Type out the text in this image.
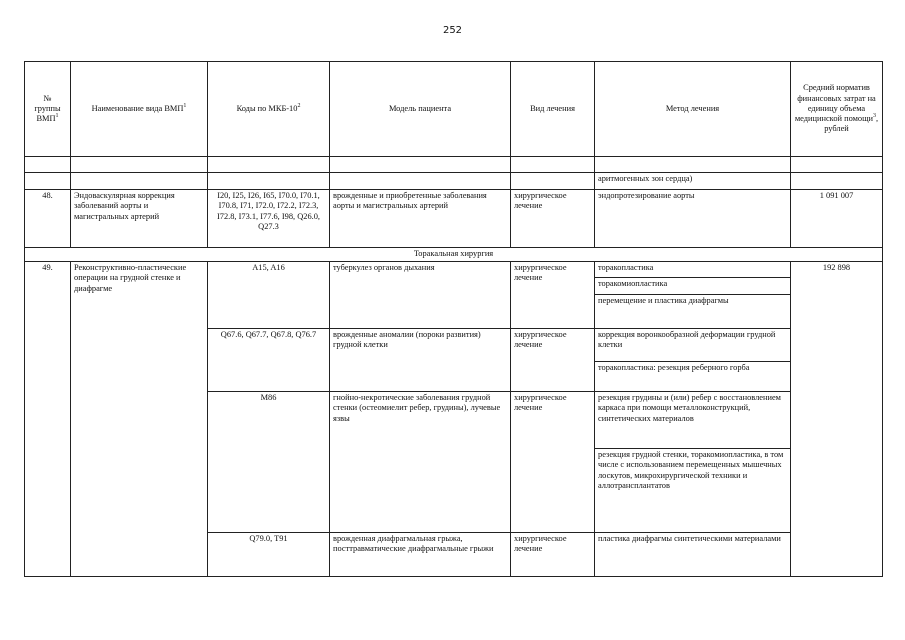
252
№
группы
ВМП$^1$	Наименование вида ВМП$^1$	Коды по МКБ-$10^2$	Модель пациента	Вид лечения	Метод лечения	Средний норматив финансовых затрат на единицу объема медицинской помощи$^3$, рублей

					аритмогенных зон сердца)	
48.	Эндоваскулярная коррекция заболеваний аорты и магистральных артерий	I20, I25, I26, I65, I70.0, I70.1, I70.8, I71, I72.0, I72.2, I72.3, I72.8, I73.1, I77.6, I98, Q26.0, Q27.3	врожденные и приобретенные заболевания аорты и магистральных артерий	хирургическое лечение	эндопротезирование аорты	1 091 007
Торакальная хирургия						
49.	Реконструктивно-пластические операции на грудной стенке и диафрагме	A15, A16	туберкулез органов дыхания	хирургическое лечение	торакопластика	192 898
					торакомиопластика	
					перемещение и пластика диафрагмы	
		Q67.6, Q67.7, Q67.8, Q76.7	врожденные аномалии (пороки развития) грудной клетки	хирургическое лечение	коррекция воронкообразной деформации грудной клетки	
					торакопластика: резекция реберного горба	
		M86	гнойно-некротические заболевания грудной стенки (остеомиелит ребер, грудины), лучевые язвы	хирургическое лечение	резекция грудины и (или) ребер с восстановлением каркаса при помощи металлоконструкций, синтетических материалов	
					резекция грудной стенки, торакомиопластика, в том числе с использованием перемещенных мышечных лоскутов, микрохирургической техники и аллотрансплантатов	
		Q79.0, T91	врожденная диафрагмальная грыжа, посттравматические диафрагмальные грыжи	хирургическое лечение	пластика диафрагмы синтетическими материалами	
